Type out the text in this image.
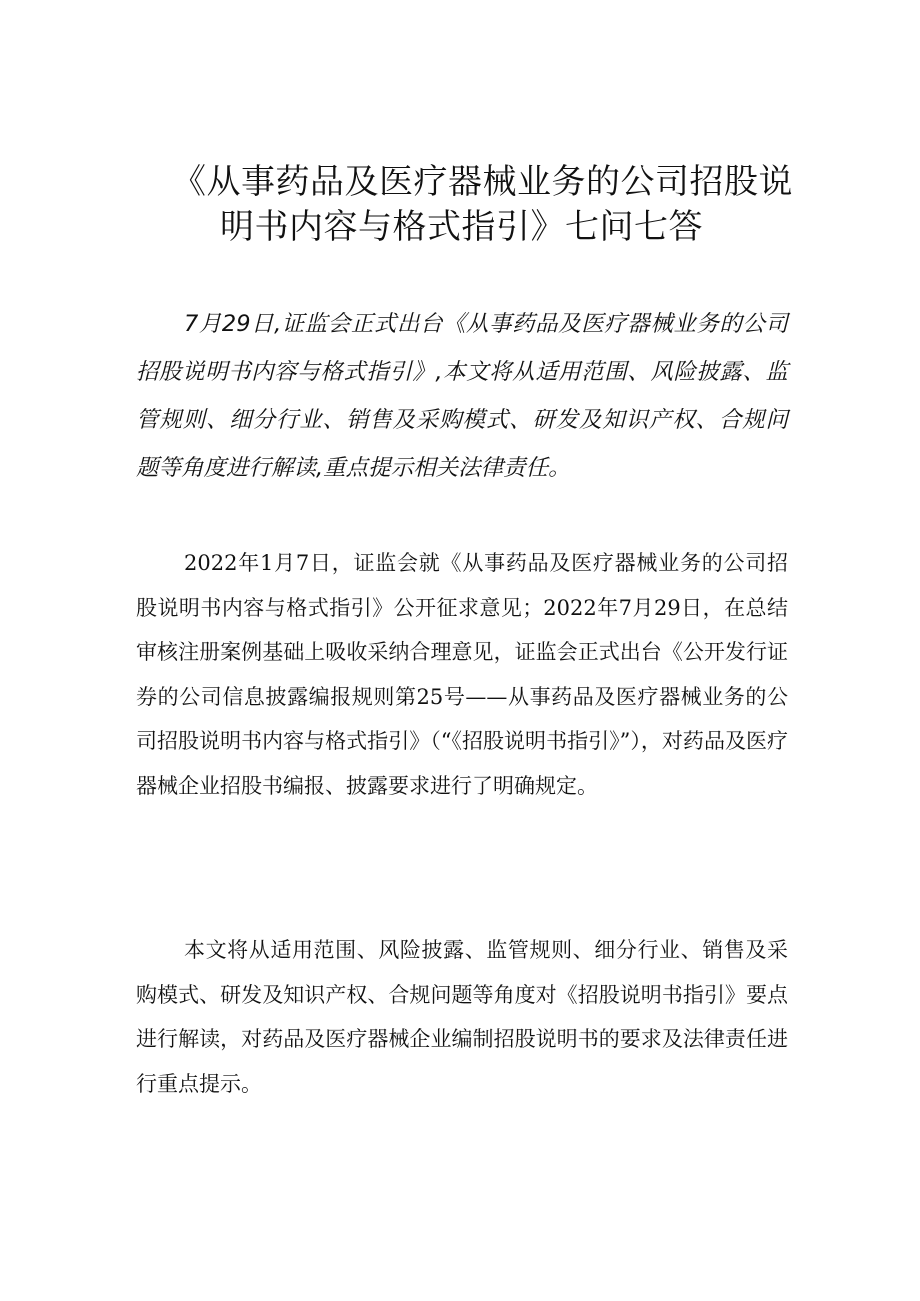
《从事药品及医疗器械业务的公司招股说
明书内容与格式指引》七问七答

7月29日,证监会正式出台《从事药品及医疗器械业务的公司招股说明书内容与格式指引》,本文将从适用范围、风险披露、监管规则、细分行业、销售及采购模式、研发及知识产权、合规问题等角度进行解读,重点提示相关法律责任。

2022年1月7日，证监会就《从事药品及医疗器械业务的公司招股说明书内容与格式指引》公开征求意见；2022年7月29日，在总结审核注册案例基础上吸收采纳合理意见，证监会正式出台《公开发行证券的公司信息披露编报规则第25号——从事药品及医疗器械业务的公司招股说明书内容与格式指引》（“《招股说明书指引》”），对药品及医疗器械企业招股书编报、披露要求进行了明确规定。

本文将从适用范围、风险披露、监管规则、细分行业、销售及采购模式、研发及知识产权、合规问题等角度对《招股说明书指引》要点进行解读，对药品及医疗器械企业编制招股说明书的要求及法律责任进行重点提示。
